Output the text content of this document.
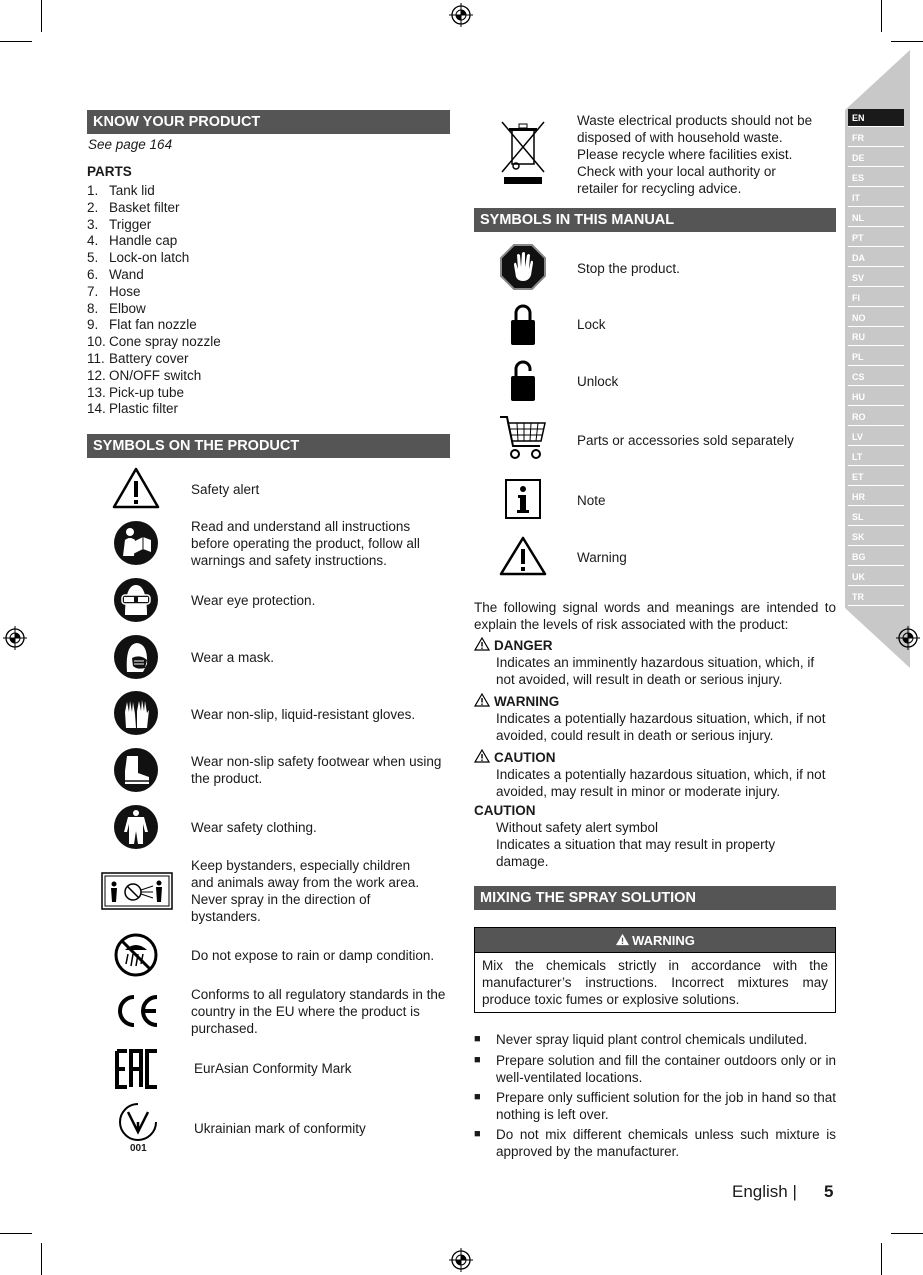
EN
FR
DE
ES
IT
NL
PT
DA
SV
FI
NO
RU
PL
CS
HU
RO
LV
LT
ET
HR
SL
SK
BG
UK
TR
KNOW YOUR PRODUCT
See page 164
PARTS
1. Tank lid
2. Basket filter
3. Trigger
4. Handle cap
5. Lock-on latch
6. Wand
7. Hose
8. Elbow
9. Flat fan nozzle
10. Cone spray nozzle
11. Battery cover
12. ON/OFF switch
13. Pick-up tube
14. Plastic filter
SYMBOLS ON THE PRODUCT
001
Safety alert
Read and understand all instructions before operating the product, follow all warnings and safety instructions.
Wear eye protection.
Wear a mask.
Wear non-slip, liquid-resistant gloves.
Wear non-slip safety footwear when using the product.
Wear safety clothing.
Keep bystanders, especially children and animals away from the work area. Never spray in the direction of bystanders.
Do not expose to rain or damp condition.
Conforms to all regulatory standards in the country in the EU where the product is purchased.
EurAsian Conformity Mark
Ukrainian mark of conformity
Waste electrical products should not be disposed of with household waste. Please recycle where facilities exist. Check with your local authority or retailer for recycling advice.
SYMBOLS IN THIS MANUAL
Stop the product.
Lock
Unlock
Parts or accessories sold separately
Note
Warning
The following signal words and meanings are intended to explain the levels of risk associated with the product:
DANGER
Indicates an imminently hazardous situation, which, if not avoided, will result in death or serious injury.
WARNING
Indicates a potentially hazardous situation, which, if not avoided, could result in death or serious injury.
CAUTION
Indicates a potentially hazardous situation, which, if not avoided, may result in minor or moderate injury.
CAUTION
Without safety alert symbol
Indicates a situation that may result in property damage.
MIXING THE SPRAY SOLUTION
WARNING
Mix the chemicals strictly in accordance with the manufacturer’s instructions. Incorrect mixtures may produce toxic fumes or explosive solutions.
■ Never spray liquid plant control chemicals undiluted.
■ Prepare solution and fill the container outdoors only or in well-ventilated locations.
■ Prepare only sufficient solution for the job in hand so that nothing is left over.
■ Do not mix different chemicals unless such mixture is approved by the manufacturer.
English | 5
